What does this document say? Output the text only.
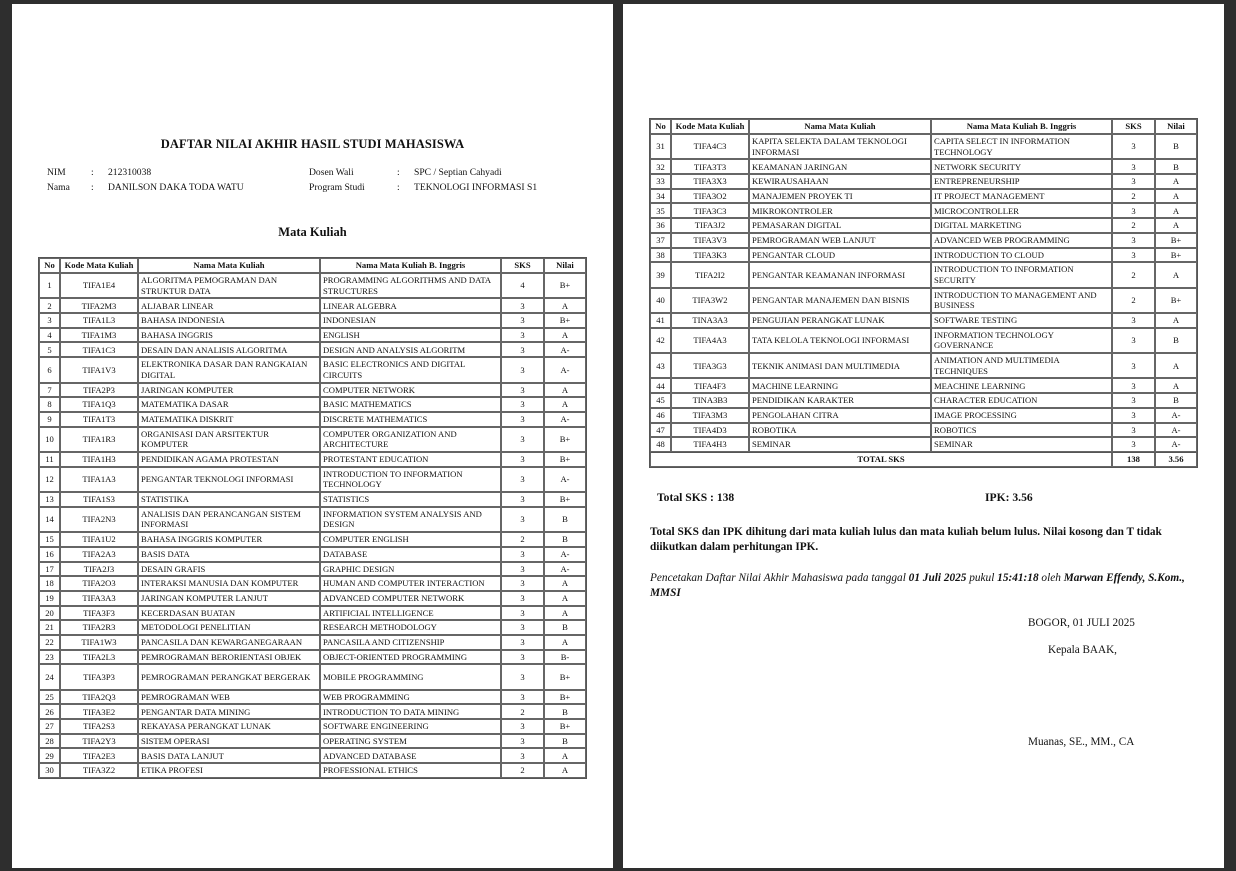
DAFTAR NILAI AKHIR HASIL STUDI MAHASISWA
NIM	: 212310038
Nama : DANILSON DAKA TODA WATU
Dosen Wali	: SPC / Septian Cahyadi
Program Studi	: TEKNOLOGI INFORMASI S1
Mata Kuliah
No	Kode Mata Kuliah	Nama Mata Kuliah	Nama Mata Kuliah B. Inggris	SKS	Nilai
1	TIFA1E4	ALGORITMA PEMOGRAMAN DAN STRUKTUR DATA	PROGRAMMING ALGORITHMS AND DATA STRUCTURES	4	B+
2	TIFA2M3	ALJABAR LINEAR	LINEAR ALGEBRA	3	A
3	TIFA1L3	BAHASA INDONESIA	INDONESIAN	3	B+
4	TIFA1M3	BAHASA INGGRIS	ENGLISH	3	A
5	TIFA1C3	DESAIN DAN ANALISIS ALGORITMA	DESIGN AND ANALYSIS ALGORITM	3	A-
6	TIFA1V3	ELEKTRONIKA DASAR DAN RANGKAIAN DIGITAL	BASIC ELECTRONICS AND DIGITAL CIRCUITS	3	A-
7	TIFA2P3	JARINGAN KOMPUTER	COMPUTER NETWORK	3	A
8	TIFA1Q3	MATEMATIKA DASAR	BASIC MATHEMATICS	3	A
9	TIFA1T3	MATEMATIKA DISKRIT	DISCRETE MATHEMATICS	3	A-
10	TIFA1R3	ORGANISASI DAN ARSITEKTUR KOMPUTER	COMPUTER ORGANIZATION AND ARCHITECTURE	3	B+
11	TIFA1H3	PENDIDIKAN AGAMA PROTESTAN	PROTESTANT EDUCATION	3	B+
12	TIFA1A3	PENGANTAR TEKNOLOGI INFORMASI	INTRODUCTION TO INFORMATION TECHNOLOGY	3	A-
13	TIFA1S3	STATISTIKA	STATISTICS	3	B+
14	TIFA2N3	ANALISIS DAN PERANCANGAN SISTEM INFORMASI	INFORMATION SYSTEM ANALYSIS AND DESIGN	3	B
15	TIFA1U2	BAHASA INGGRIS KOMPUTER	COMPUTER ENGLISH	2	B
16	TIFA2A3	BASIS DATA	DATABASE	3	A-
17	TIFA2J3	DESAIN GRAFIS	GRAPHIC DESIGN	3	A-
18	TIFA2O3	INTERAKSI MANUSIA DAN KOMPUTER	HUMAN AND COMPUTER INTERACTION	3	A
19	TIFA3A3	JARINGAN KOMPUTER LANJUT	ADVANCED COMPUTER NETWORK	3	A
20	TIFA3F3	KECERDASAN BUATAN	ARTIFICIAL INTELLIGENCE	3	A
21	TIFA2R3	METODOLOGI PENELITIAN	RESEARCH METHODOLOGY	3	B
22	TIFA1W3	PANCASILA DAN KEWARGANEGARAAN	PANCASILA AND CITIZENSHIP	3	A
23	TIFA2L3	PEMROGRAMAN BERORIENTASI OBJEK	OBJECT-ORIENTED PROGRAMMING	3	B-
24	TIFA3P3	PEMROGRAMAN PERANGKAT BERGERAK	MOBILE PROGRAMMING	3	B+
25	TIFA2Q3	PEMROGRAMAN WEB	WEB PROGRAMMING	3	B+
26	TIFA3E2	PENGANTAR DATA MINING	INTRODUCTION TO DATA MINING	2	B
27	TIFA2S3	REKAYASA PERANGKAT LUNAK	SOFTWARE ENGINEERING	3	B+
28	TIFA2Y3	SISTEM OPERASI	OPERATING SYSTEM	3	B
29	TIFA2E3	BASIS DATA LANJUT	ADVANCED DATABASE	3	A
30	TIFA3Z2	ETIKA PROFESI	PROFESSIONAL ETHICS	2	A
No	Kode Mata Kuliah	Nama Mata Kuliah	Nama Mata Kuliah B. Inggris	SKS	Nilai
31	TIFA4C3	KAPITA SELEKTA DALAM TEKNOLOGI INFORMASI	CAPITA SELECT IN INFORMATION TECHNOLOGY	3	B
32	TIFA3T3	KEAMANAN JARINGAN	NETWORK SECURITY	3	B
33	TIFA3X3	KEWIRAUSAHAAN	ENTREPRENEURSHIP	3	A
34	TIFA3O2	MANAJEMEN PROYEK TI	IT PROJECT MANAGEMENT	2	A
35	TIFA3C3	MIKROKONTROLER	MICROCONTROLLER	3	A
36	TIFA3J2	PEMASARAN DIGITAL	DIGITAL MARKETING	2	A
37	TIFA3V3	PEMROGRAMAN WEB LANJUT	ADVANCED WEB PROGRAMMING	3	B+
38	TIFA3K3	PENGANTAR CLOUD	INTRODUCTION TO CLOUD	3	B+
39	TIFA2I2	PENGANTAR KEAMANAN INFORMASI	INTRODUCTION TO INFORMATION SECURITY	2	A
40	TIFA3W2	PENGANTAR MANAJEMEN DAN BISNIS	INTRODUCTION TO MANAGEMENT AND BUSINESS	2	B+
41	TINA3A3	PENGUJIAN PERANGKAT LUNAK	SOFTWARE TESTING	3	A
42	TIFA4A3	TATA KELOLA TEKNOLOGI INFORMASI	INFORMATION TECHNOLOGY GOVERNANCE	3	B
43	TIFA3G3	TEKNIK ANIMASI DAN MULTIMEDIA	ANIMATION AND MULTIMEDIA TECHNIQUES	3	A
44	TIFA4F3	MACHINE LEARNING	MEACHINE LEARNING	3	A
45	TINA3B3	PENDIDIKAN KARAKTER	CHARACTER EDUCATION	3	B
46	TIFA3M3	PENGOLAHAN CITRA	IMAGE PROCESSING	3	A-
47	TIFA4D3	ROBOTIKA	ROBOTICS	3	A-
48	TIFA4H3	SEMINAR	SEMINAR	3	A-
TOTAL SKS				138	3.56
Total SKS : 138	IPK: 3.56
Total SKS dan IPK dihitung dari mata kuliah lulus dan mata kuliah belum lulus. Nilai kosong dan T tidak diikutkan dalam perhitungan IPK.
Pencetakan Daftar Nilai Akhir Mahasiswa pada tanggal 01 Juli 2025 pukul 15:41:18 oleh Marwan Effendy, S.Kom., MMSI
BOGOR, 01 JULI 2025
Kepala BAAK,
Muanas, SE., MM., CA
